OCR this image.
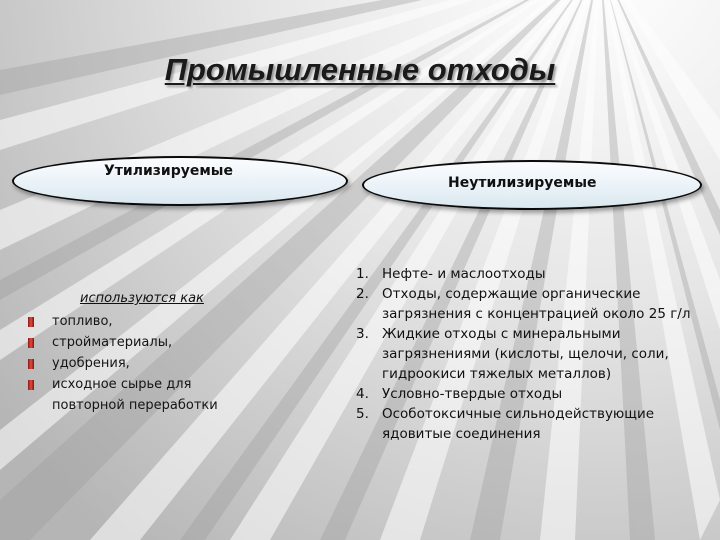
Промышленные отходы
Утилизируемые
Неутилизируемые
используются как
топливо,
стройматериалы,
удобрения,
исходное сырье для
повторной переработки
1. Нефте- и маслоотходы
2. Отходы, содержащие органические
загрязнения с концентрацией около 25 г/л
3. Жидкие отходы с минеральными
загрязнениями (кислоты, щелочи, соли,
гидроокиси тяжелых металлов)
4. Условно-твердые отходы
5. Особотоксичные сильнодействующие
ядовитые соединения
